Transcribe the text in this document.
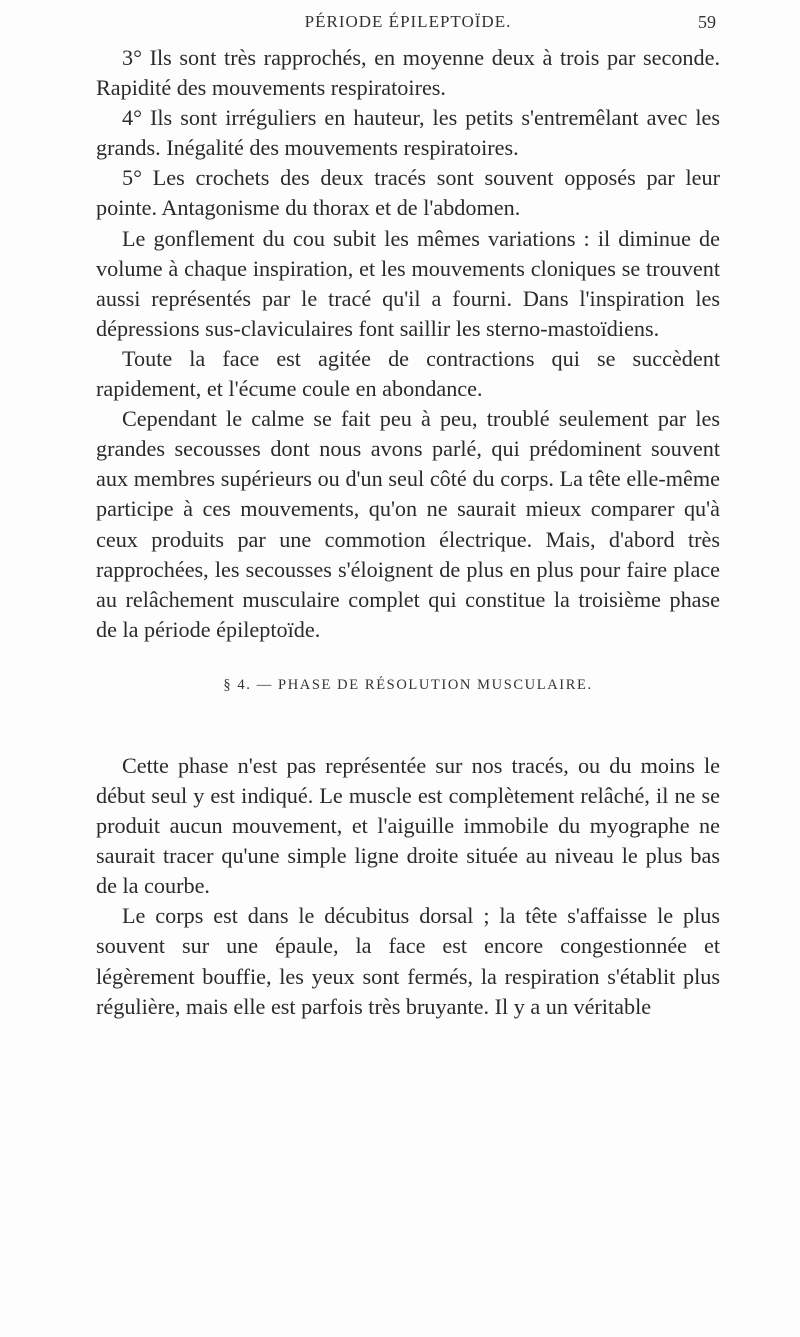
PÉRIODE ÉPILEPTOÏDE.	59

3° Ils sont très rapprochés, en moyenne deux à trois par seconde. Rapidité des mouvements respiratoires.

4° Ils sont irréguliers en hauteur, les petits s'entremêlant avec les grands. Inégalité des mouvements respiratoires.

5° Les crochets des deux tracés sont souvent opposés par leur pointe. Antagonisme du thorax et de l'abdomen.

Le gonflement du cou subit les mêmes variations : il diminue de volume à chaque inspiration, et les mouvements cloniques se trouvent aussi représentés par le tracé qu'il a fourni. Dans l'inspiration les dépressions sus-claviculaires font saillir les sterno-mastoïdiens.

Toute la face est agitée de contractions qui se succèdent rapidement, et l'écume coule en abondance.

Cependant le calme se fait peu à peu, troublé seulement par les grandes secousses dont nous avons parlé, qui prédominent souvent aux membres supérieurs ou d'un seul côté du corps. La tête elle-même participe à ces mouvements, qu'on ne saurait mieux comparer qu'à ceux produits par une commotion électrique. Mais, d'abord très rapprochées, les secousses s'éloignent de plus en plus pour faire place au relâchement musculaire complet qui constitue la troisième phase de la période épileptoïde.

§ 4. — PHASE DE RÉSOLUTION MUSCULAIRE.

Cette phase n'est pas représentée sur nos tracés, ou du moins le début seul y est indiqué. Le muscle est complètement relâché, il ne se produit aucun mouvement, et l'aiguille immobile du myographe ne saurait tracer qu'une simple ligne droite située au niveau le plus bas de la courbe.

Le corps est dans le décubitus dorsal ; la tête s'affaisse le plus souvent sur une épaule, la face est encore congestionnée et légèrement bouffie, les yeux sont fermés, la respiration s'établit plus régulière, mais elle est parfois très bruyante. Il y a un véritable
